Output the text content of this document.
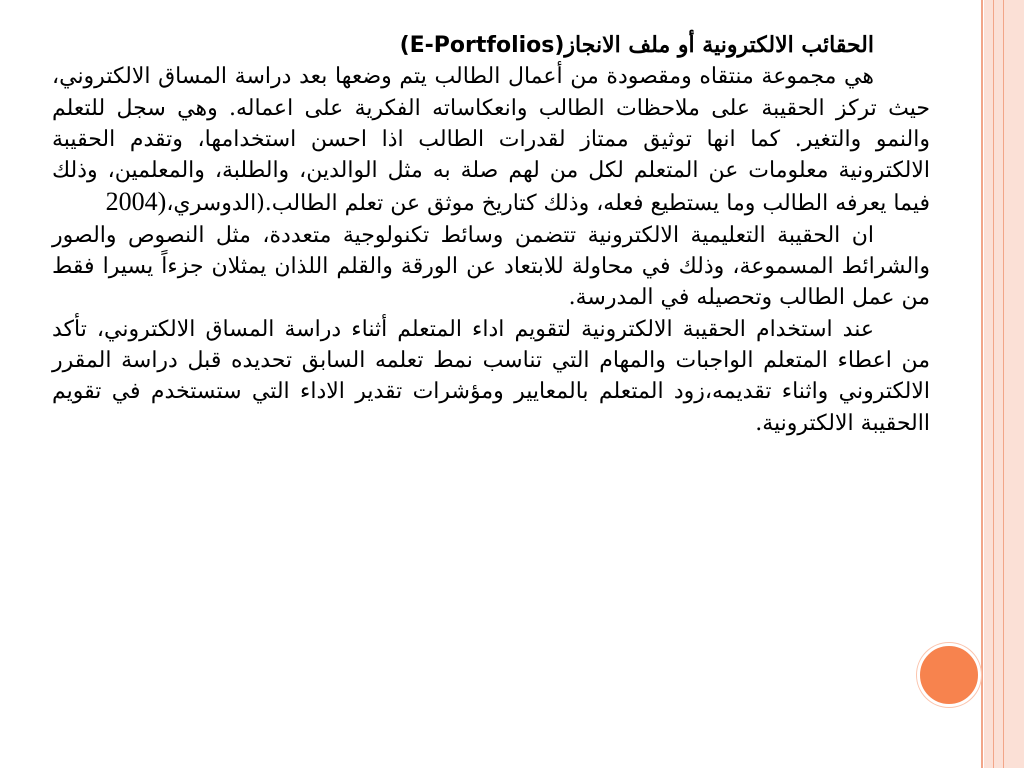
الحقائب الالكترونية أو ملف الانجاز(E-Portfolios)

هي مجموعة منتقاه ومقصودة من أعمال الطالب يتم وضعها بعد دراسة المساق الالكتروني، حيث تركز الحقيبة على ملاحظات الطالب وانعكاساته الفكرية على اعماله. وهي سجل للتعلم والنمو والتغير. كما انها توثيق ممتاز لقدرات الطالب اذا احسن استخدامها، وتقدم الحقيبة الالكترونية معلومات عن المتعلم لكل من لهم صلة به مثل الوالدين، والطلبة، والمعلمين، وذلك فيما يعرفه الطالب وما يستطيع فعله، وذلك كتاريخ موثق عن تعلم الطالب.(الدوسري،2004)

ان الحقيبة التعليمية الالكترونية تتضمن وسائط تكنولوجية متعددة، مثل النصوص والصور والشرائط المسموعة، وذلك في محاولة للابتعاد عن الورقة والقلم اللذان يمثلان جزءاً يسيرا فقط من عمل الطالب وتحصيله في المدرسة.

عند استخدام الحقيبة الالكترونية لتقويم اداء المتعلم أثناء دراسة المساق الالكتروني، تأكد من اعطاء المتعلم الواجبات والمهام التي تناسب نمط تعلمه السابق تحديده قبل دراسة المقرر الالكتروني واثناء تقديمه،زود المتعلم بالمعايير ومؤشرات تقدير الاداء التي ستستخدم في تقويم االحقيبة الالكترونية.
